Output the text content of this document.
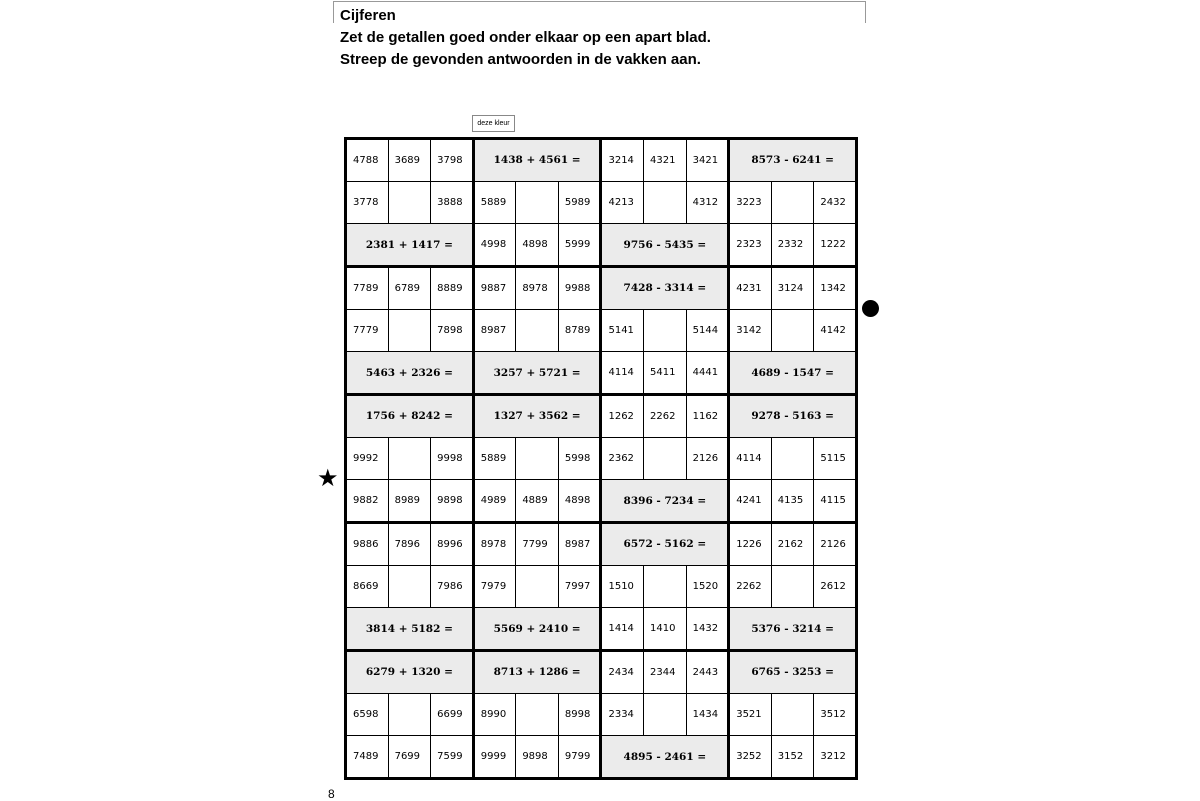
Cijferen

Zet de getallen goed onder elkaar op een apart blad.

Streep de gevonden antwoorden in de vakken aan.

deze kleur
4788	3689	3798	1438 + 4561 =			3214	4321	3421	8573 - 6241 =		
3778		3888	5889		5989	4213		4312	3223		2432
2381 + 1417 =			4998	4898	5999	9756 - 5435 =			2323	2332	1222
7789	6789	8889	9887	8978	9988	7428 - 3314 =			4231	3124	1342
7779		7898	8987		8789	5141		5144	3142		4142
5463 + 2326 =			3257 + 5721 =			4114	5411	4441	4689 - 1547 =		
1756 + 8242 =			1327 + 3562 =			1262	2262	1162	9278 - 5163 =		
9992		9998	5889		5998	2362		2126	4114		5115
9882	8989	9898	4989	4889	4898	8396 - 7234 =			4241	4135	4115
9886	7896	8996	8978	7799	8987	6572 - 5162 =			1226	2162	2126
8669		7986	7979		7997	1510		1520	2262		2612
3814 + 5182 =			5569 + 2410 =			1414	1410	1432	5376 - 3214 =		
6279 + 1320 =			8713 + 1286 =			2434	2344	2443	6765 - 3253 =		
6598		6699	8990		8998	2334		1434	3521		3512
7489	7699	7599	9999	9898	9799	4895 - 2461 =			3252	3152	3212
★
8
